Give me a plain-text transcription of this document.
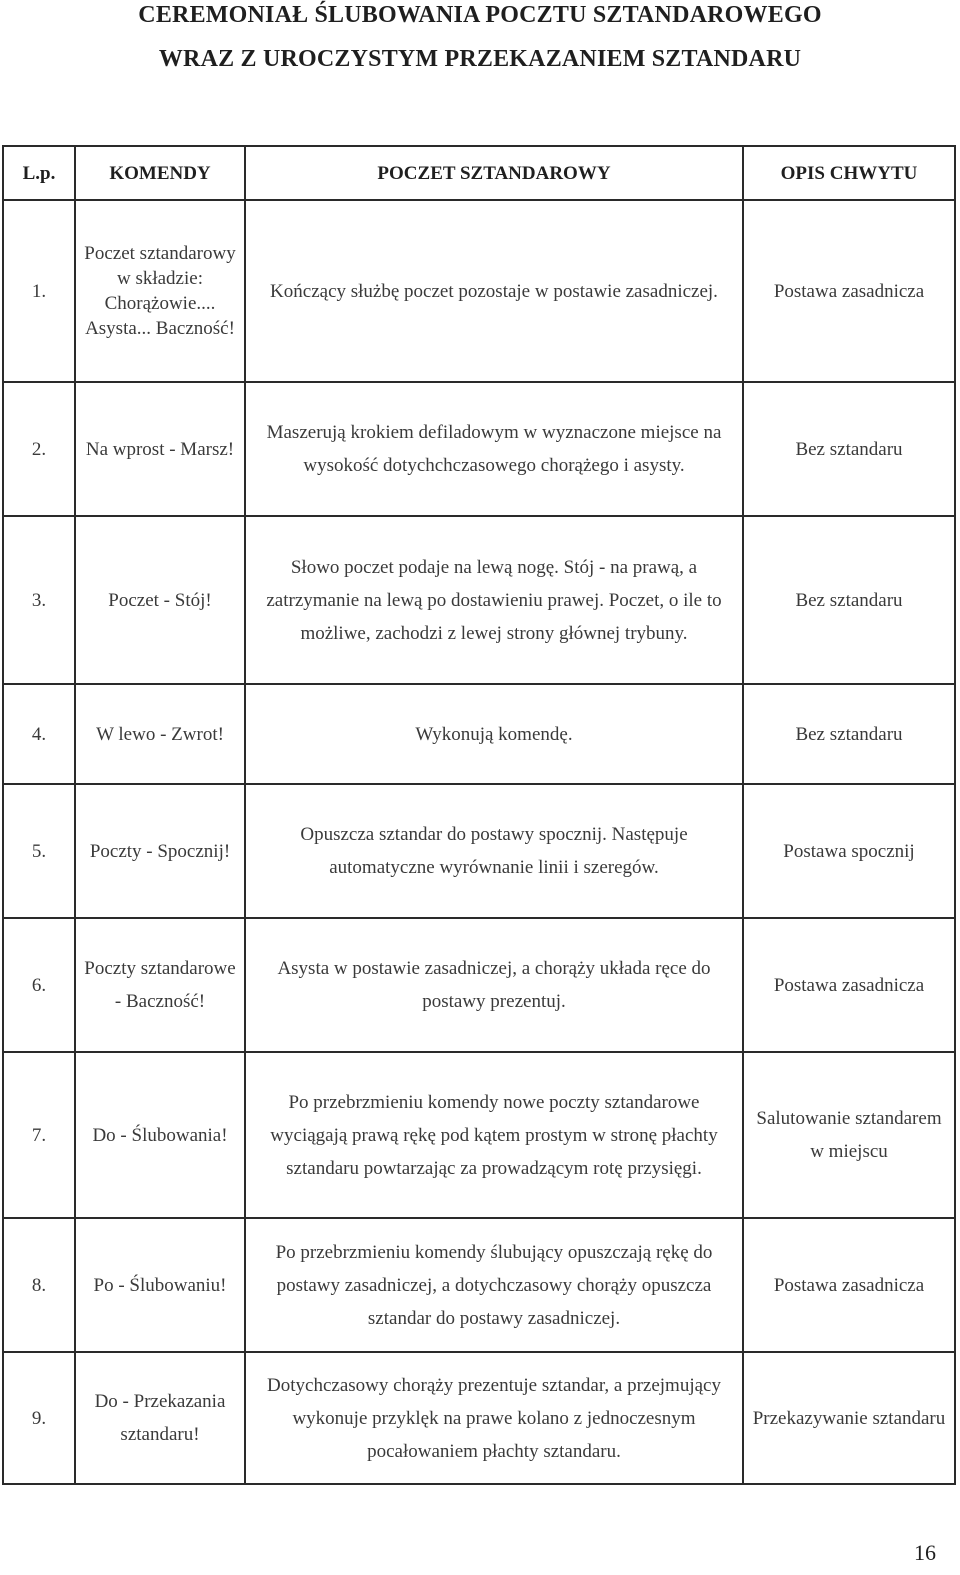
CEREMONIAŁ ŚLUBOWANIA POCZTU SZTANDAROWEGO
WRAZ Z UROCZYSTYM PRZEKAZANIEM SZTANDARU
L.p.	KOMENDY	POCZET SZTANDAROWY	OPIS CHWYTU
1.	Poczet sztandarowy w składzie: Chorążowie.... Asysta... Baczność!	Kończący służbę poczet pozostaje w postawie zasadniczej.	Postawa zasadnicza
2.	Na wprost - Marsz!	Maszerują krokiem defiladowym w wyznaczone miejsce na wysokość dotychchczasowego chorążego i asysty.	Bez sztandaru
3.	Poczet - Stój!	Słowo poczet podaje na lewą nogę. Stój - na prawą, a zatrzymanie na lewą po dostawieniu prawej. Poczet, o ile to możliwe, zachodzi z lewej strony głównej trybuny.	Bez sztandaru
4.	W lewo - Zwrot!	Wykonują komendę.	Bez sztandaru
5.	Poczty - Spocznij!	Opuszcza sztandar do postawy spocznij. Następuje automatyczne wyrównanie linii i szeregów.	Postawa spocznij
6.	Poczty sztandarowe - Baczność!	Asysta w postawie zasadniczej, a chorąży układa ręce do postawy prezentuj.	Postawa zasadnicza
7.	Do - Ślubowania!	Po przebrzmieniu komendy nowe poczty sztandarowe wyciągają prawą rękę pod kątem prostym w stronę płachty sztandaru powtarzając za prowadzącym rotę przysięgi.	Salutowanie sztandarem w miejscu
8.	Po - Ślubowaniu!	Po przebrzmieniu komendy ślubujący opuszczają rękę do postawy zasadniczej, a dotychczasowy chorąży opuszcza sztandar do postawy zasadniczej.	Postawa zasadnicza
9.	Do - Przekazania sztandaru!	Dotychczasowy chorąży prezentuje sztandar, a przejmujący wykonuje przyklęk na prawe kolano z jednoczesnym pocałowaniem płachty sztandaru.	Przekazywanie sztandaru
16
